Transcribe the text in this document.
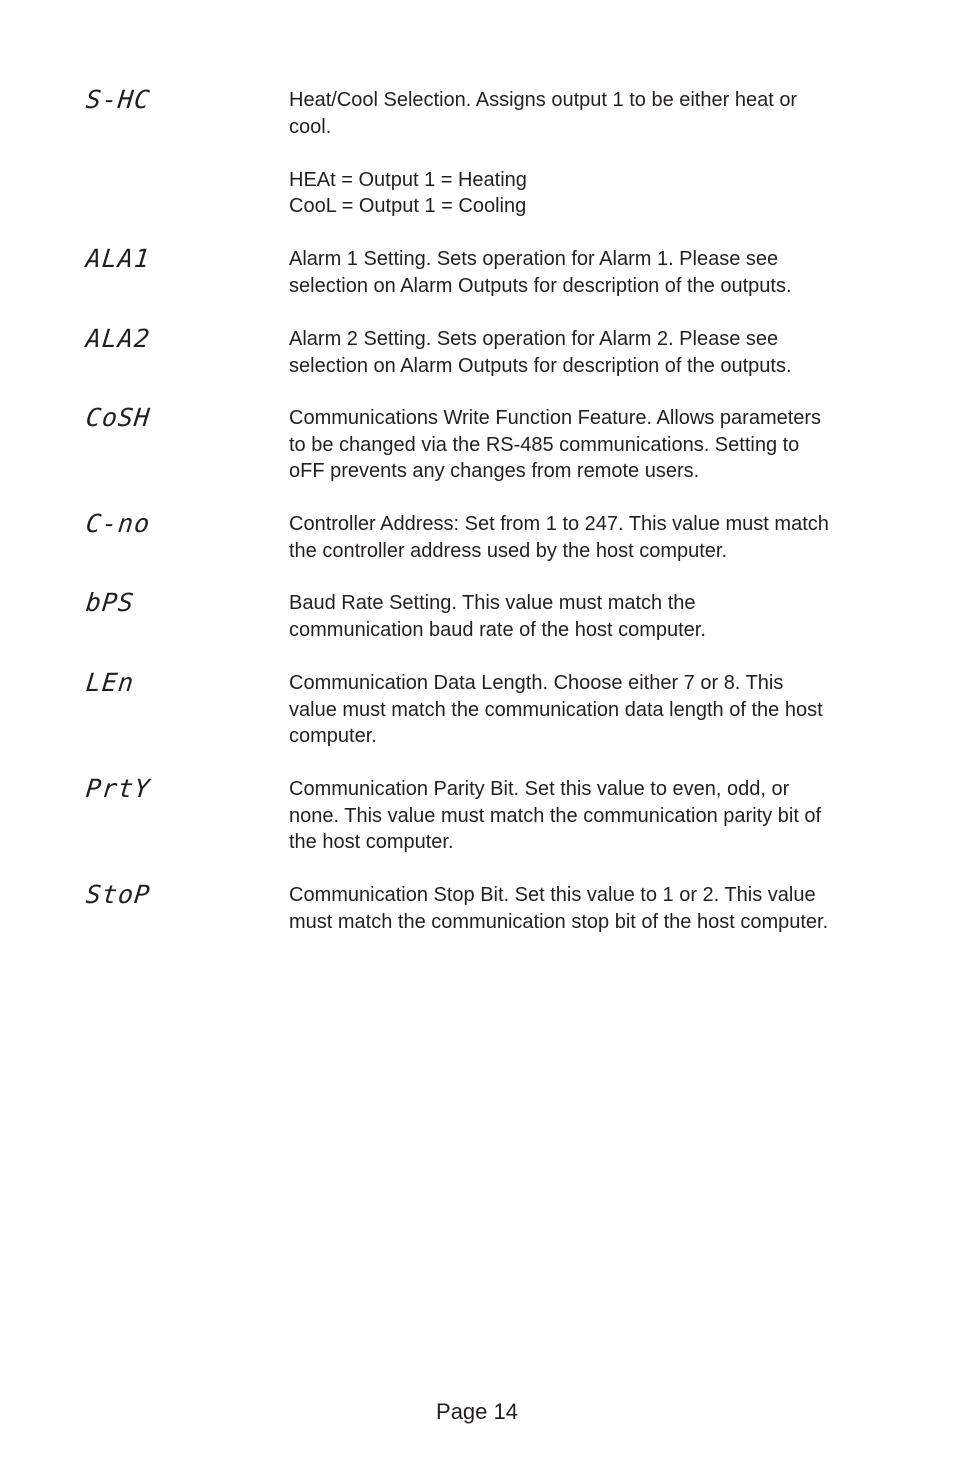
S-HC	Heat/Cool Selection. Assigns output 1 to be either heat or
cool.
HEAt = Output 1 = Heating
CooL = Output 1 = Cooling
ALA1	Alarm 1 Setting. Sets operation for Alarm 1. Please see
selection on Alarm Outputs for description of the outputs.
ALA2	Alarm 2 Setting. Sets operation for Alarm 2. Please see
selection on Alarm Outputs for description of the outputs.
CoSH	Communications Write Function Feature. Allows parameters
to be changed via the RS-485 communications. Setting to
oFF prevents any changes from remote users.
C-no	Controller Address: Set from 1 to 247. This value must match
the controller address used by the host computer.
bPS	Baud Rate Setting. This value must match the
communication baud rate of the host computer.
LEn	Communication Data Length. Choose either 7 or 8. This
value must match the communication data length of the host
computer.
PrtY	Communication Parity Bit. Set this value to even, odd, or
none. This value must match the communication parity bit of
the host computer.
StoP	Communication Stop Bit. Set this value to 1 or 2. This value
must match the communication stop bit of the host computer.
Page 14
